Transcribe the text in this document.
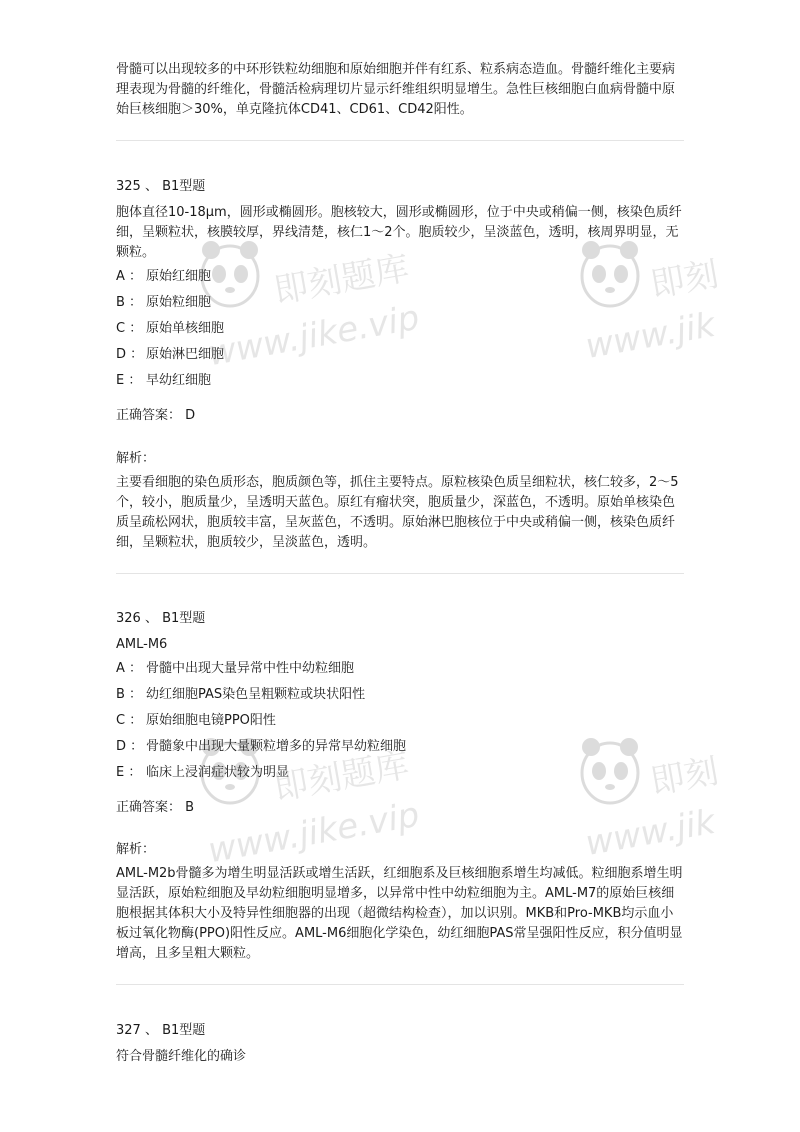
骨髓可以出现较多的中环形铁粒幼细胞和原始细胞并伴有红系、粒系病态造血。骨髓纤维化主要病理表现为骨髓的纤维化，骨髓活检病理切片显示纤维组织明显增生。急性巨核细胞白血病骨髓中原始巨核细胞＞30%，单克隆抗体CD41、CD61、CD42阳性。

325 、 B1型题

胞体直径10-18μm，圆形或椭圆形。胞核较大，圆形或椭圆形，位于中央或稍偏一侧，核染色质纤细，呈颗粒状，核膜较厚，界线清楚，核仁1～2个。胞质较少，呈淡蓝色，透明，核周界明显，无颗粒。

A ： 原始红细胞
B ： 原始粒细胞
C ： 原始单核细胞
D ： 原始淋巴细胞
E ： 早幼红细胞

正确答案： D

解析：

主要看细胞的染色质形态，胞质颜色等，抓住主要特点。原粒核染色质呈细粒状，核仁较多，2～5个，较小，胞质量少，呈透明天蓝色。原红有瘤状突，胞质量少，深蓝色，不透明。原始单核染色质呈疏松网状，胞质较丰富，呈灰蓝色，不透明。原始淋巴胞核位于中央或稍偏一侧，核染色质纤细，呈颗粒状，胞质较少，呈淡蓝色，透明。

326 、 B1型题

AML-M6

A ： 骨髓中出现大量异常中性中幼粒细胞
B ： 幼红细胞PAS染色呈粗颗粒或块状阳性
C ： 原始细胞电镜PPO阳性
D ： 骨髓象中出现大量颗粒增多的异常早幼粒细胞
E ： 临床上浸润症状较为明显

正确答案： B

解析：

AML-M2b骨髓多为增生明显活跃或增生活跃，红细胞系及巨核细胞系增生均减低。粒细胞系增生明显活跃，原始粒细胞及早幼粒细胞明显增多，以异常中性中幼粒细胞为主。AML-M7的原始巨核细胞根据其体积大小及特异性细胞器的出现（超微结构检查），加以识别。MKB和Pro-MKB均示血小板过氧化物酶(PPO)阳性反应。AML-M6细胞化学染色，幼红细胞PAS常呈强阳性反应，积分值明显增高，且多呈粗大颗粒。

327 、 B1型题

符合骨髓纤维化的确诊

即刻题库
www.jike.vip
即刻
www.jik
即刻题库
www.jike.vip
即刻
www.jik
